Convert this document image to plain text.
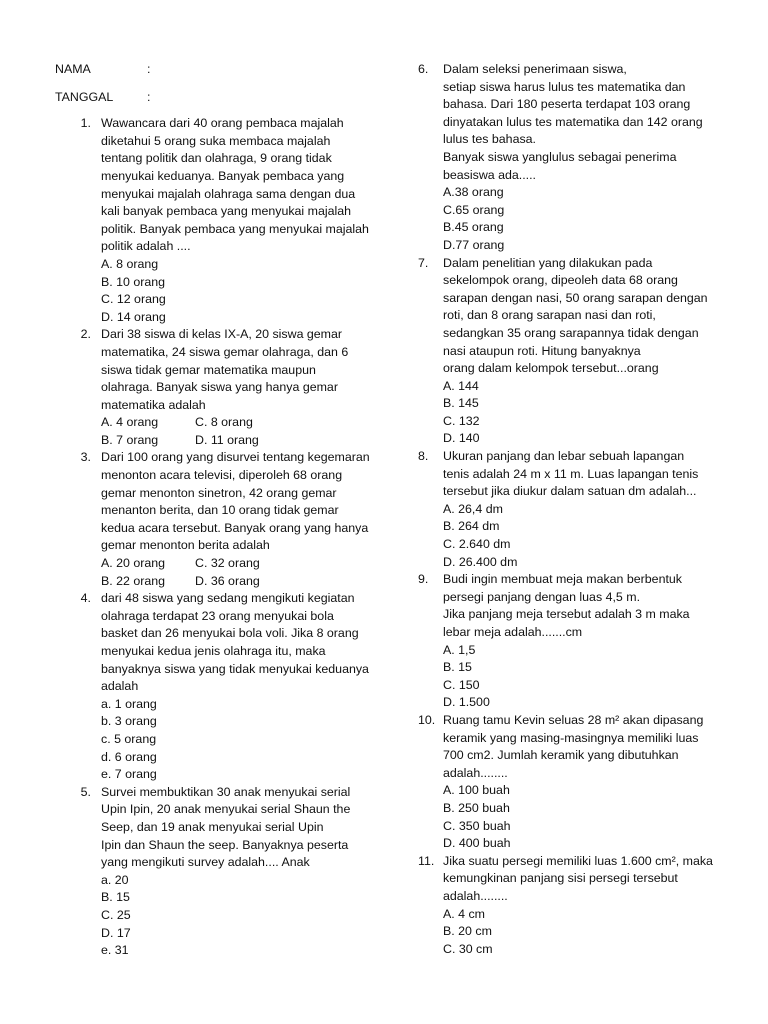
NAMA	:
TANGGAL	:
1. Wawancara dari 40 orang pembaca majalah
diketahui 5 orang suka membaca majalah
tentang politik dan olahraga, 9 orang tidak
menyukai keduanya. Banyak pembaca yang
menyukai majalah olahraga sama dengan dua
kali banyak pembaca yang menyukai majalah
politik. Banyak pembaca yang menyukai majalah
politik adalah ....
A. 8 orang
B. 10 orang
C. 12 orang
D. 14 orang
2. Dari 38 siswa di kelas IX-A, 20 siswa gemar
matematika, 24 siswa gemar olahraga, dan 6
siswa tidak gemar matematika maupun
olahraga. Banyak siswa yang hanya gemar
matematika adalah
A. 4 orang	C. 8 orang
B. 7 orang	D. 11 orang
3. Dari 100 orang yang disurvei tentang kegemaran
menonton acara televisi, diperoleh 68 orang
gemar menonton sinetron, 42 orang gemar
menanton berita, dan 10 orang tidak gemar
kedua acara tersebut. Banyak orang yang hanya
gemar menonton berita adalah
A. 20 orang	C. 32 orang
B. 22 orang	D. 36 orang
4. dari 48 siswa yang sedang mengikuti kegiatan
olahraga terdapat 23 orang menyukai bola
basket dan 26 menyukai bola voli. Jika 8 orang
menyukai kedua jenis olahraga itu, maka
banyaknya siswa yang tidak menyukai keduanya
adalah
a. 1 orang
b. 3 orang
c. 5 orang
d. 6 orang
e. 7 orang
5. Survei membuktikan 30 anak menyukai serial
Upin Ipin, 20 anak menyukai serial Shaun the
Seep, dan 19 anak menyukai serial Upin
Ipin dan Shaun the seep. Banyaknya peserta
yang mengikuti survey adalah.... Anak
a. 20
B. 15
C. 25
D. 17
e. 31
6.	Dalam seleksi penerimaan siswa,
setiap siswa harus lulus tes matematika dan
bahasa. Dari 180 peserta terdapat 103 orang
dinyatakan lulus tes matematika dan 142 orang
lulus tes bahasa.
Banyak siswa yanglulus sebagai penerima
beasiswa ada.....
A.38 orang
C.65 orang
B.45 orang
D.77 orang
7.	Dalam penelitian yang dilakukan pada
sekelompok orang, dipeoleh data 68 orang
sarapan dengan nasi, 50 orang sarapan dengan
roti, dan 8 orang sarapan nasi dan roti,
sedangkan 35 orang sarapannya tidak dengan
nasi ataupun roti. Hitung banyaknya
orang dalam kelompok tersebut...orang
A. 144
B. 145
C. 132
D. 140
8.	Ukuran panjang dan lebar sebuah lapangan
tenis adalah 24 m x 11 m. Luas lapangan tenis
tersebut jika diukur dalam satuan dm adalah...
A. 26,4 dm
B. 264 dm
C. 2.640 dm
D. 26.400 dm
9.	Budi ingin membuat meja makan berbentuk
persegi panjang dengan luas 4,5 m.
Jika panjang meja tersebut adalah 3 m maka
lebar meja adalah.......cm
A. 1,5
B. 15
C. 150
D. 1.500
10. Ruang tamu Kevin seluas 28 m² akan dipasang
keramik yang masing-masingnya memiliki luas
700 cm2. Jumlah keramik yang dibutuhkan
adalah........
A. 100 buah
B. 250 buah
C. 350 buah
D. 400 buah
11. Jika suatu persegi memiliki luas 1.600 cm², maka
kemungkinan panjang sisi persegi tersebut
adalah........
A. 4 cm
B. 20 cm
C. 30 cm
